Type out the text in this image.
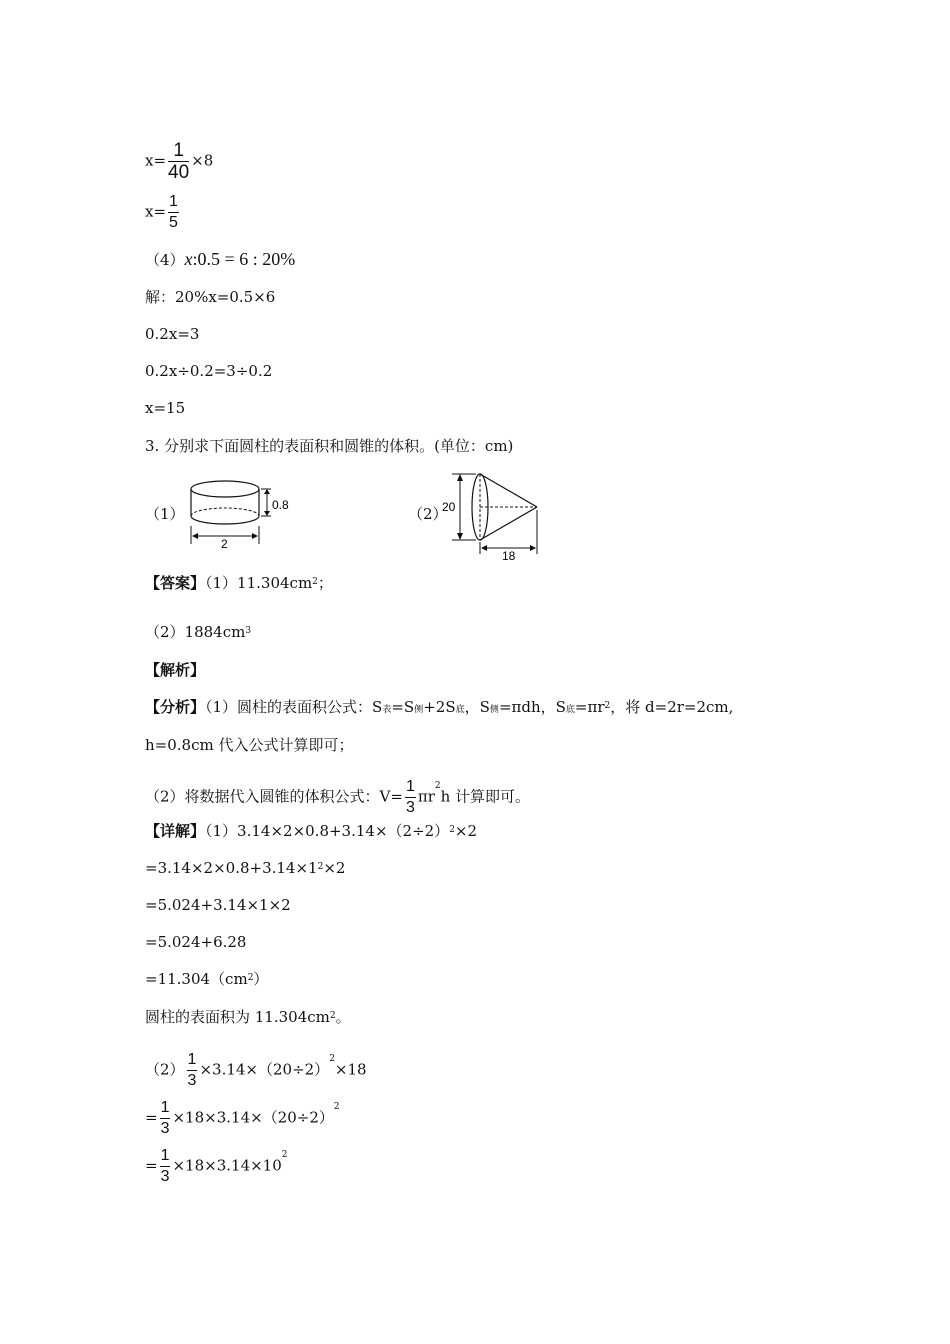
$x= \frac{1}{40} \times 8$
$x= \frac{1}{5}$
（4）x:0.5 = 6 : 20%
解：20%x=0.5×6
0.2x=3
0.2x÷0.2=3÷0.2
x=15
3. 分别求下面圆柱的表面积和圆锥的体积。(单位：cm)
（1）	0.8
2
（2）
20
18
【答案】$(1)11.304cm^2$；
$(2)1884cm^3$
【解析】
【分析】（1）圆柱的表面积公式：$S_表=S_侧+2S_底$，$S_侧=\pi dh$，$S_底=\pi r^2$，将 d=2r=2cm,
h=0.8cm 代入公式计算即可；
（2）将数据代入圆锥的体积公式：$V= \frac{1}{3} \pi r^2h$ 计算即可。
【详解】$(1)3.14\times 2\times 0.8+3.14\times(2\div 2)^2\times 2$
$=3.14\times 2\times 0.8+3.14\times 1^2\times 2$
=5.024+3.14×1×2
=5.024+6.28
$=11.304(cm^2)$
圆柱的表面积为 $11.304cm^2$。
$(2) \frac{1}{3} \times 3.14\times(20\div 2)^2\times 18$
= $\frac{1}{3} \times 18\times 3.14\times(20\div 2)^2$
= $\frac{1}{3} \times 18\times 3.14\times 10^2$
